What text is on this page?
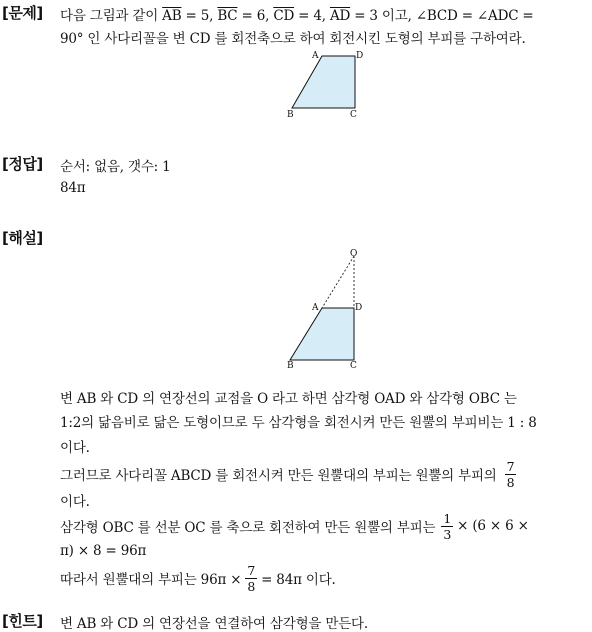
[문제] 다음 그림과 같이 $\overline{AB} = 5$, $\overline{BC} = 6$, $\overline{CD} = 4$, $\overline{AD} = 3$ 이고, ∠BCD = ∠ADC =
90° 인 사다리꼴을 변 CD 를 회전축으로 하여 회전시킨 도형의 부피를 구하여라.
A	D
B	C
[정답] 순서: 없음, 갯수: 1
84π
[해설]
O
A	D
B	C
변 AB 와 CD 의 연장선의 교점을 O 라고 하면 삼각형 OAD 와 삼각형 OBC 는
1:2의 닮음비로 닮은 도형이므로 두 삼각형을 회전시켜 만든 원뿔의 부피비는 1 : 8
이다.
그러므로 사다리꼴 ABCD 를 회전시켜 만든 원뿔대의 부피는 원뿔의 부피의 $\frac{7}{8}$
이다.
삼각형 OBC 를 선분 OC 를 축으로 회전하여 만든 원뿔의 부피는 $\frac{1}{3} \times (6 \times 6$ ×
π) × 8 = 96π
따라서 원뿔대의 부피는 $96\pi \times \frac{7}{8} = 84\pi$ 이다.
[힌트] 변 AB 와 CD 의 연장선을 연결하여 삼각형을 만든다.
